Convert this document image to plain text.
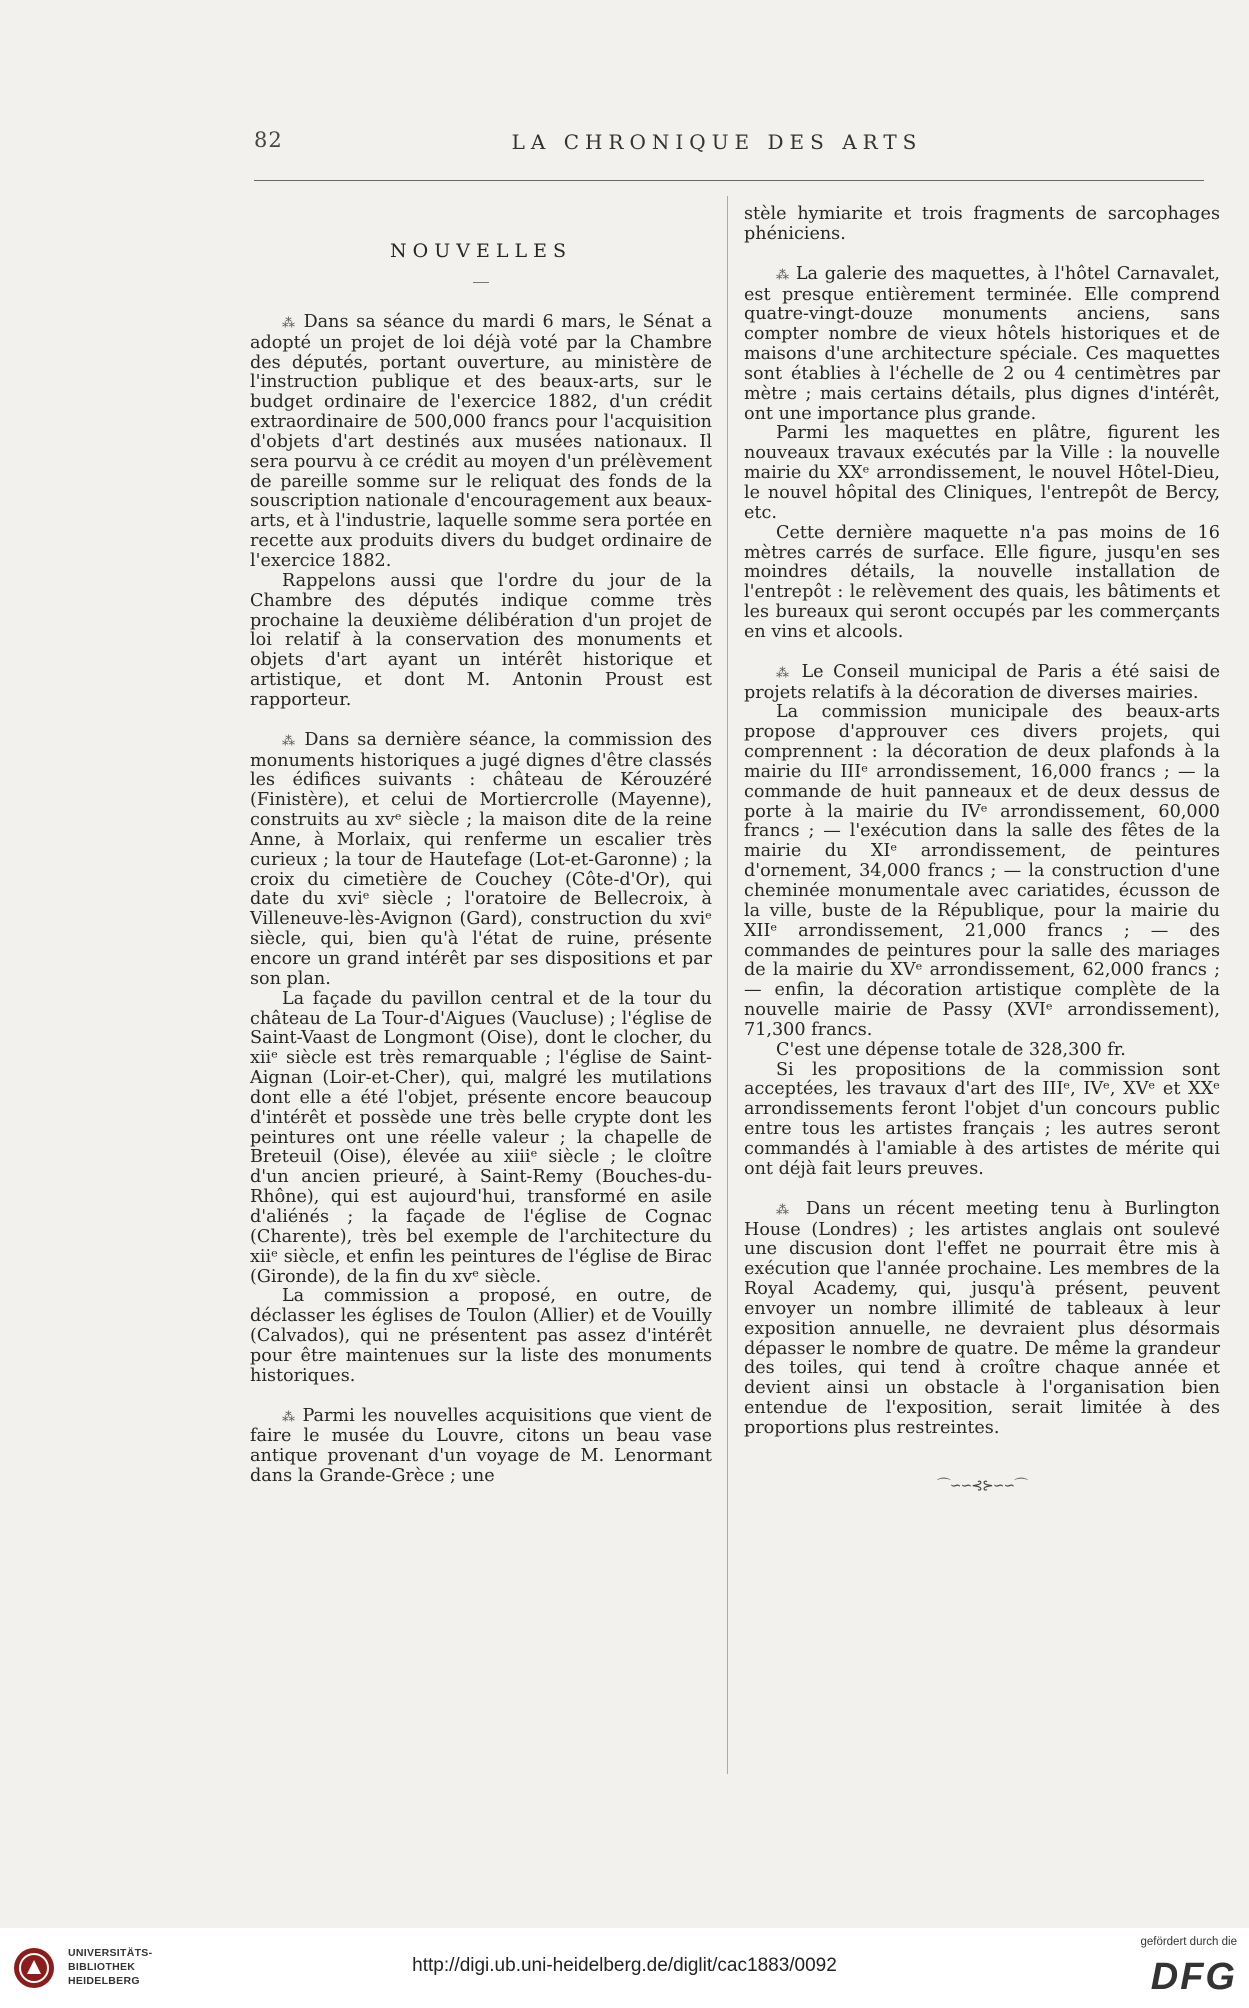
82	LA CHRONIQUE DES ARTS
NOUVELLES

⁂ Dans sa séance du mardi 6 mars, le Sénat a adopté un projet de loi déjà voté par la Chambre des députés, portant ouverture, au ministère de l'instruction publique et des beaux-arts, sur le budget ordinaire de l'exercice 1882, d'un crédit extraordinaire de 500,000 francs pour l'acquisition d'objets d'art destinés aux musées nationaux. Il sera pourvu à ce crédit au moyen d'un prélèvement de pareille somme sur le reliquat des fonds de la souscription nationale d'encouragement aux beaux-arts, et à l'industrie, laquelle somme sera portée en recette aux produits divers du budget ordinaire de l'exercice 1882.

Rappelons aussi que l'ordre du jour de la Chambre des députés indique comme très prochaine la deuxième délibération d'un projet de loi relatif à la conservation des monuments et objets d'art ayant un intérêt historique et artistique, et dont M. Antonin Proust est rapporteur.

⁂ Dans sa dernière séance, la commission des monuments historiques a jugé dignes d'être classés les édifices suivants : château de Kérouzéré (Finistère), et celui de Mortiercrolle (Mayenne), construits au xvᵉ siècle ; la maison dite de la reine Anne, à Morlaix, qui renferme un escalier très curieux ; la tour de Hautefage (Lot-et-Garonne) ; la croix du cimetière de Couchey (Côte-d'Or), qui date du xviᵉ siècle ; l'oratoire de Bellecroix, à Villeneuve-lès-Avignon (Gard), construction du xviᵉ siècle, qui, bien qu'à l'état de ruine, présente encore un grand intérêt par ses dispositions et par son plan.

La façade du pavillon central et de la tour du château de La Tour-d'Aigues (Vaucluse) ; l'église de Saint-Vaast de Longmont (Oise), dont le clocher, du xiiᵉ siècle est très remarquable ; l'église de Saint-Aignan (Loir-et-Cher), qui, malgré les mutilations dont elle a été l'objet, présente encore beaucoup d'intérêt et possède une très belle crypte dont les peintures ont une réelle valeur ; la chapelle de Breteuil (Oise), élevée au xiiiᵉ siècle ; le cloître d'un ancien prieuré, à Saint-Remy (Bouches-du-Rhône), qui est aujourd'hui, transformé en asile d'aliénés ; la façade de l'église de Cognac (Charente), très bel exemple de l'architecture du xiiᵉ siècle, et enfin les peintures de l'église de Birac (Gironde), de la fin du xvᵉ siècle.

La commission a proposé, en outre, de déclasser les églises de Toulon (Allier) et de Vouilly (Calvados), qui ne présentent pas assez d'intérêt pour être maintenues sur la liste des monuments historiques.

⁂ Parmi les nouvelles acquisitions que vient de faire le musée du Louvre, citons un beau vase antique provenant d'un voyage de M. Lenormant dans la Grande-Grèce ; une

stèle hymiarite et trois fragments de sarcophages phéniciens.

⁂ La galerie des maquettes, à l'hôtel Carnavalet, est presque entièrement terminée. Elle comprend quatre-vingt-douze monuments anciens, sans compter nombre de vieux hôtels historiques et de maisons d'une architecture spéciale. Ces maquettes sont établies à l'échelle de 2 ou 4 centimètres par mètre ; mais certains détails, plus dignes d'intérêt, ont une importance plus grande.

Parmi les maquettes en plâtre, figurent les nouveaux travaux exécutés par la Ville : la nouvelle mairie du XXᵉ arrondissement, le nouvel Hôtel-Dieu, le nouvel hôpital des Cliniques, l'entrepôt de Bercy, etc.

Cette dernière maquette n'a pas moins de 16 mètres carrés de surface. Elle figure, jusqu'en ses moindres détails, la nouvelle installation de l'entrepôt : le relèvement des quais, les bâtiments et les bureaux qui seront occupés par les commerçants en vins et alcools.

⁂ Le Conseil municipal de Paris a été saisi de projets relatifs à la décoration de diverses mairies.

La commission municipale des beaux-arts propose d'approuver ces divers projets, qui comprennent : la décoration de deux plafonds à la mairie du IIIᵉ arrondissement, 16,000 francs ; — la commande de huit panneaux et de deux dessus de porte à la mairie du IVᵉ arrondissement, 60,000 francs ; — l'exécution dans la salle des fêtes de la mairie du XIᵉ arrondissement, de peintures d'ornement, 34,000 francs ; — la construction d'une cheminée monumentale avec cariatides, écusson de la ville, buste de la République, pour la mairie du XIIᵉ arrondissement, 21,000 francs ; — des commandes de peintures pour la salle des mariages de la mairie du XVᵉ arrondissement, 62,000 francs ; — enfin, la décoration artistique complète de la nouvelle mairie de Passy (XVIᵉ arrondissement), 71,300 francs.

C'est une dépense totale de 328,300 fr.

Si les propositions de la commission sont acceptées, les travaux d'art des IIIᵉ, IVᵉ, XVᵉ et XXᵉ arrondissements feront l'objet d'un concours public entre tous les artistes français ; les autres seront commandés à l'amiable à des artistes de mérite qui ont déjà fait leurs preuves.

⁂ Dans un récent meeting tenu à Burlington House (Londres) ; les artistes anglais ont soulevé une discusion dont l'effet ne pourrait être mis à exécution que l'année prochaine. Les membres de la Royal Academy, qui, jusqu'à présent, peuvent envoyer un nombre illimité de tableaux à leur exposition annuelle, ne devraient plus désormais dépasser le nombre de quatre. De même la grandeur des toiles, qui tend à croître chaque année et devient ainsi un obstacle à l'organisation bien entendue de l'exposition, serait limitée à des proportions plus restreintes.

⌒∽∽⊰⊱∽∽⌒
UNIVERSITÄTS-
BIBLIOTHEK
HEIDELBERG
http://digi.ub.uni-heidelberg.de/diglit/cac1883/0092
gefördert durch die
DFG
